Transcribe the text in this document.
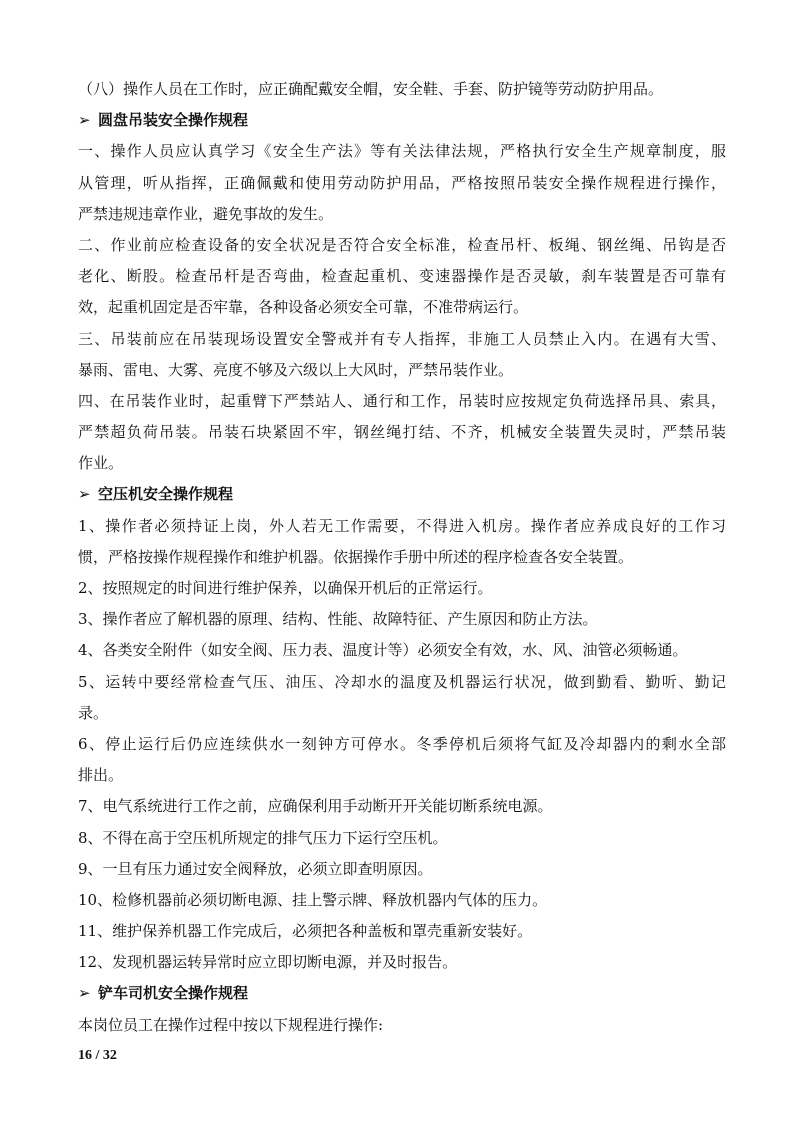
（八）操作人员在工作时，应正确配戴安全帽，安全鞋、手套、防护镜等劳动防护用品。
➢ 圆盘吊装安全操作规程
一、操作人员应认真学习《安全生产法》等有关法律法规，严格执行安全生产规章制度，服
从管理，听从指挥，正确佩戴和使用劳动防护用品，严格按照吊装安全操作规程进行操作，
严禁违规违章作业，避免事故的发生。
二、作业前应检查设备的安全状况是否符合安全标准，检查吊杆、板绳、钢丝绳、吊钩是否
老化、断股。检查吊杆是否弯曲，检查起重机、变速器操作是否灵敏，刹车装置是否可靠有
效，起重机固定是否牢靠，各种设备必须安全可靠，不准带病运行。
三、吊装前应在吊装现场设置安全警戒并有专人指挥，非施工人员禁止入内。在遇有大雪、
暴雨、雷电、大雾、亮度不够及六级以上大风时，严禁吊装作业。
四、在吊装作业时，起重臂下严禁站人、通行和工作，吊装时应按规定负荷选择吊具、索具，
严禁超负荷吊装。吊装石块紧固不牢，钢丝绳打结、不齐，机械安全装置失灵时，严禁吊装
作业。
➢ 空压机安全操作规程
1、操作者必须持证上岗，外人若无工作需要，不得进入机房。操作者应养成良好的工作习
惯，严格按操作规程操作和维护机器。依据操作手册中所述的程序检查各安全装置。
2、按照规定的时间进行维护保养，以确保开机后的正常运行。
3、操作者应了解机器的原理、结构、性能、故障特征、产生原因和防止方法。
4、各类安全附件（如安全阀、压力表、温度计等）必须安全有效，水、风、油管必须畅通。
5、运转中要经常检查气压、油压、冷却水的温度及机器运行状况，做到勤看、勤听、勤记
录。
6、停止运行后仍应连续供水一刻钟方可停水。冬季停机后须将气缸及冷却器内的剩水全部
排出。
7、电气系统进行工作之前，应确保利用手动断开开关能切断系统电源。
8、不得在高于空压机所规定的排气压力下运行空压机。
9、一旦有压力通过安全阀释放，必须立即查明原因。
10、检修机器前必须切断电源、挂上警示牌、释放机器内气体的压力。
11、维护保养机器工作完成后，必须把各种盖板和罩壳重新安装好。
12、发现机器运转异常时应立即切断电源，并及时报告。
➢ 铲车司机安全操作规程
本岗位员工在操作过程中按以下规程进行操作:
16 / 32
